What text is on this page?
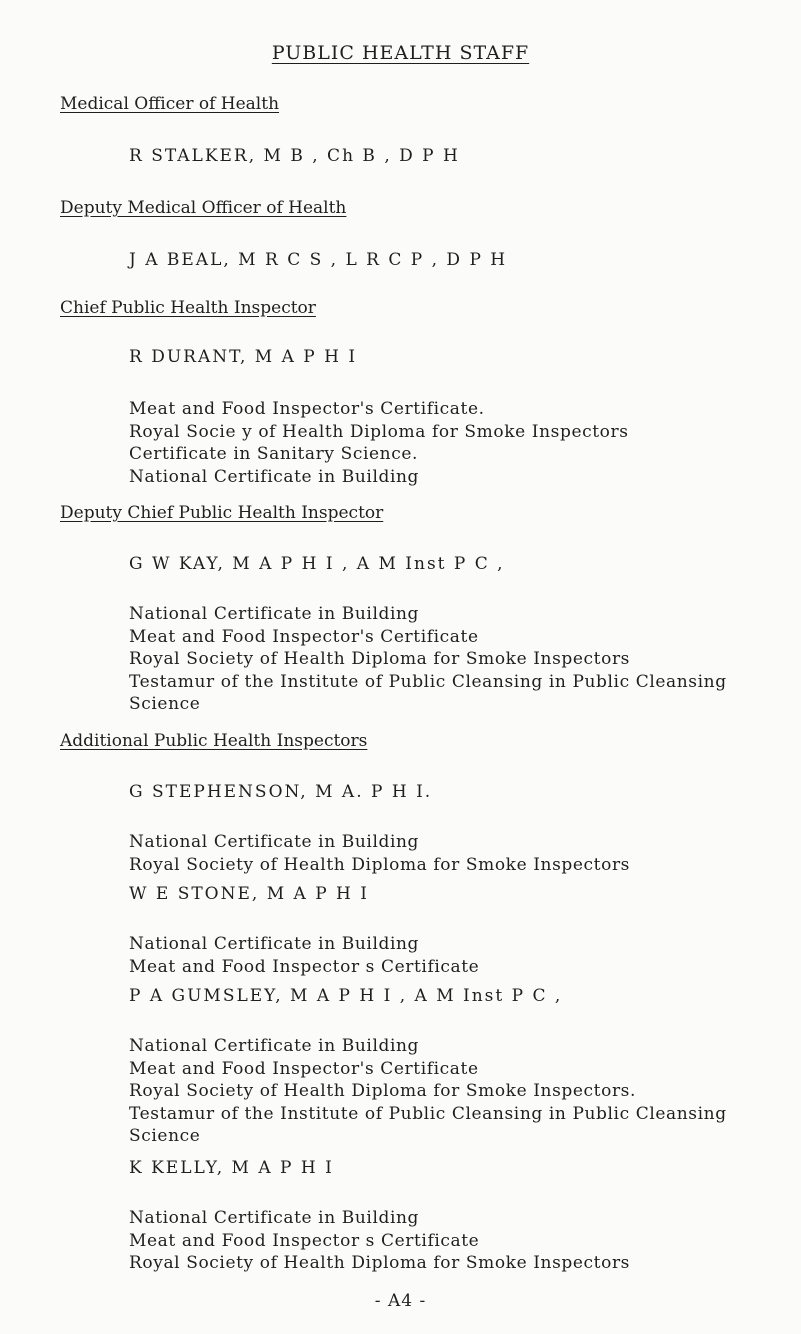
PUBLIC HEALTH STAFF
Medical Officer of Health
R STALKER, M B , Ch B , D P H
Deputy Medical Officer of Health
J A BEAL, M R C S , L R C P , D P H
Chief Public Health Inspector
R DURANT, M A P H I
Meat and Food Inspector's Certificate.
Royal Socie y of Health Diploma for Smoke Inspectors
Certificate in Sanitary Science.
National Certificate in Building
Deputy Chief Public Health Inspector
G W KAY, M A P H I , A M Inst P C ,
National Certificate in Building
Meat and Food Inspector's Certificate
Royal Society of Health Diploma for Smoke Inspectors
Testamur of the Institute of Public Cleansing in Public Cleansing
Science
Additional Public Health Inspectors
G STEPHENSON, M A. P H I.
National Certificate in Building
Royal Society of Health Diploma for Smoke Inspectors
W E STONE, M A P H I
National Certificate in Building
Meat and Food Inspector s Certificate
P A GUMSLEY, M A P H I , A M Inst P C ,
National Certificate in Building
Meat and Food Inspector's Certificate
Royal Society of Health Diploma for Smoke Inspectors.
Testamur of the Institute of Public Cleansing in Public Cleansing
Science
K KELLY, M A P H I
National Certificate in Building
Meat and Food Inspector s Certificate
Royal Society of Health Diploma for Smoke Inspectors
- A4 -
